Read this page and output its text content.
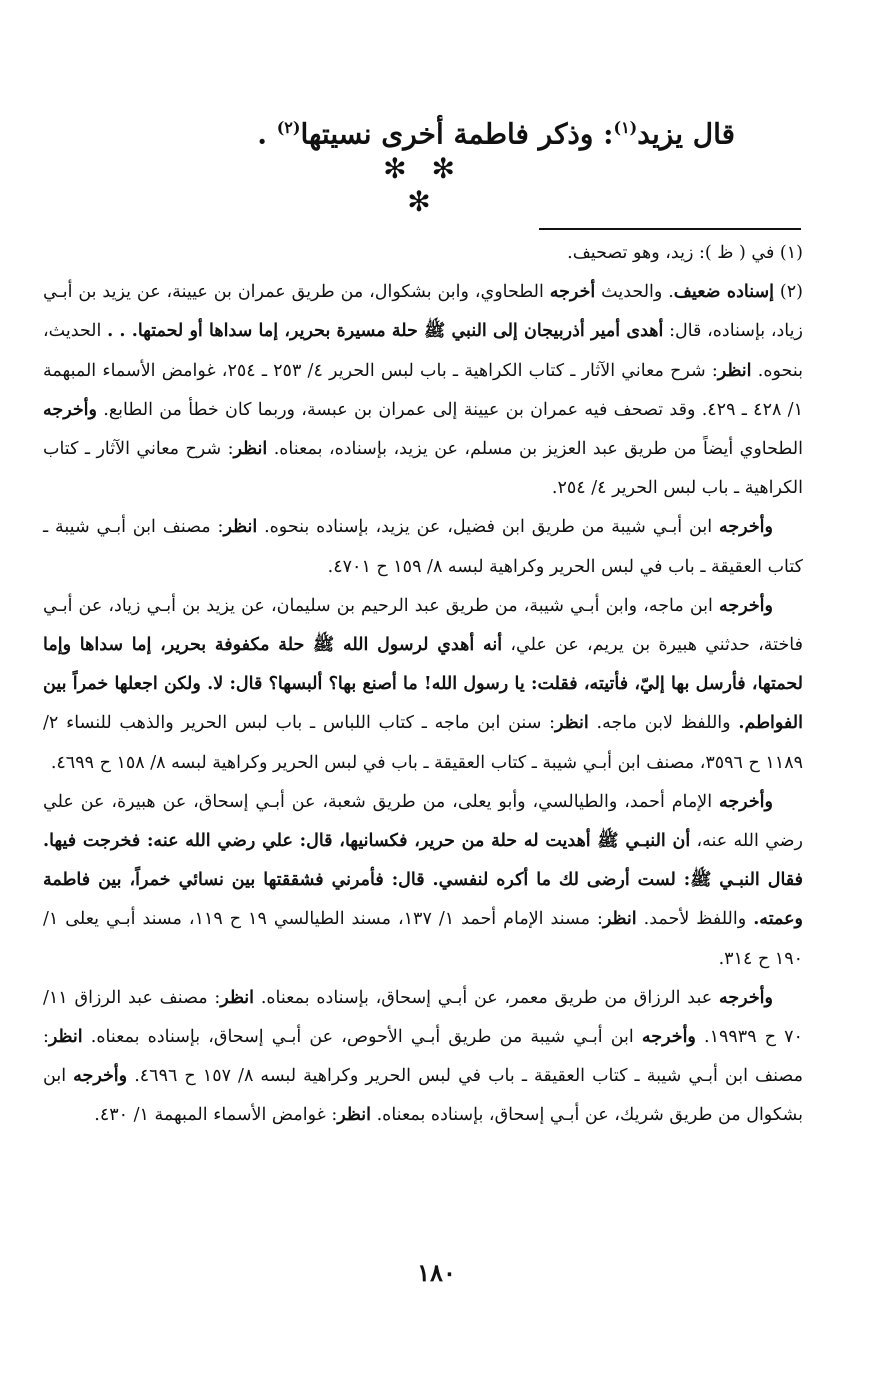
قال يزيد$^{(١)}$: وذكر فاطمة أخرى نسيتها$^{(٢)}$ .
✻ ✻ ✻

(١) في ( ظ ): زيد، وهو تصحيف.

(٢) إسناده ضعيف. والحديث أخرجه الطحاوي، وابن بشكوال، من طريق عمران بن عيينة، عن يزيد بن أبـي زياد، بإسناده، قال: أهدى أمير أذربيجان إلى النبي ﷺ حلة مسيرة بحرير، إما سداها أو لحمتها. . . الحديث، بنحوه. انظر: شرح معاني الآثار ـ كتاب الكراهية ـ باب لبس الحرير ٤/ ٢٥٣ ـ ٢٥٤، غوامض الأسماء المبهمة ١/ ٤٢٨ ـ ٤٢٩. وقد تصحف فيه عمران بن عيينة إلى عمران بن عبسة، وربما كان خطأ من الطابع. وأخرجه الطحاوي أيضاً من طريق عبد العزيز بن مسلم، عن يزيد، بإسناده، بمعناه. انظر: شرح معاني الآثار ـ كتاب الكراهية ـ باب لبس الحرير ٤/ ٢٥٤.

وأخرجه ابن أبـي شيبة من طريق ابن فضيل، عن يزيد، بإسناده بنحوه. انظر: مصنف ابن أبـي شيبة ـ كتاب العقيقة ـ باب في لبس الحرير وكراهية لبسه ٨/ ١٥٩ ح ٤٧٠١.

وأخرجه ابن ماجه، وابن أبـي شيبة، من طريق عبد الرحيم بن سليمان، عن يزيد بن أبـي زياد، عن أبـي فاختة، حدثني هبيرة بن يريم، عن علي، أنه أهدي لرسول الله ﷺ حلة مكفوفة بحرير، إما سداها وإما لحمتها، فأرسل بها إليّ، فأتيته، فقلت: يا رسول الله! ما أصنع بها؟ ألبسها؟ قال: لا. ولكن اجعلها خمراً بين الفواطم. واللفظ لابن ماجه. انظر: سنن ابن ماجه ـ كتاب اللباس ـ باب لبس الحرير والذهب للنساء ٢/ ١١٨٩ ح ٣٥٩٦، مصنف ابن أبـي شيبة ـ كتاب العقيقة ـ باب في لبس الحرير وكراهية لبسه ٨/ ١٥٨ ح ٤٦٩٩.

وأخرجه الإمام أحمد، والطيالسي، وأبو يعلى، من طريق شعبة، عن أبـي إسحاق، عن هبيرة، عن علي رضي الله عنه، أن النبـي ﷺ أهديت له حلة من حرير، فكسانيها، قال: علي رضي الله عنه: فخرجت فيها. فقال النبـي ﷺ: لست أرضى لك ما أكره لنفسي. قال: فأمرني فشققتها بين نسائي خمراً، بين فاطمة وعمته. واللفظ لأحمد. انظر: مسند الإمام أحمد ١/ ١٣٧، مسند الطيالسي ١٩ ح ١١٩، مسند أبـي يعلى ١/ ١٩٠ ح ٣١٤.

وأخرجه عبد الرزاق من طريق معمر، عن أبـي إسحاق، بإسناده بمعناه. انظر: مصنف عبد الرزاق ١١/ ٧٠ ح ١٩٩٣٩. وأخرجه ابن أبـي شيبة من طريق أبـي الأحوص، عن أبـي إسحاق، بإسناده بمعناه. انظر: مصنف ابن أبـي شيبة ـ كتاب العقيقة ـ باب في لبس الحرير وكراهية لبسه ٨/ ١٥٧ ح ٤٦٩٦. وأخرجه ابن بشكوال من طريق شريك، عن أبـي إسحاق، بإسناده بمعناه. انظر: غوامض الأسماء المبهمة ١/ ٤٣٠.

١٨٠
